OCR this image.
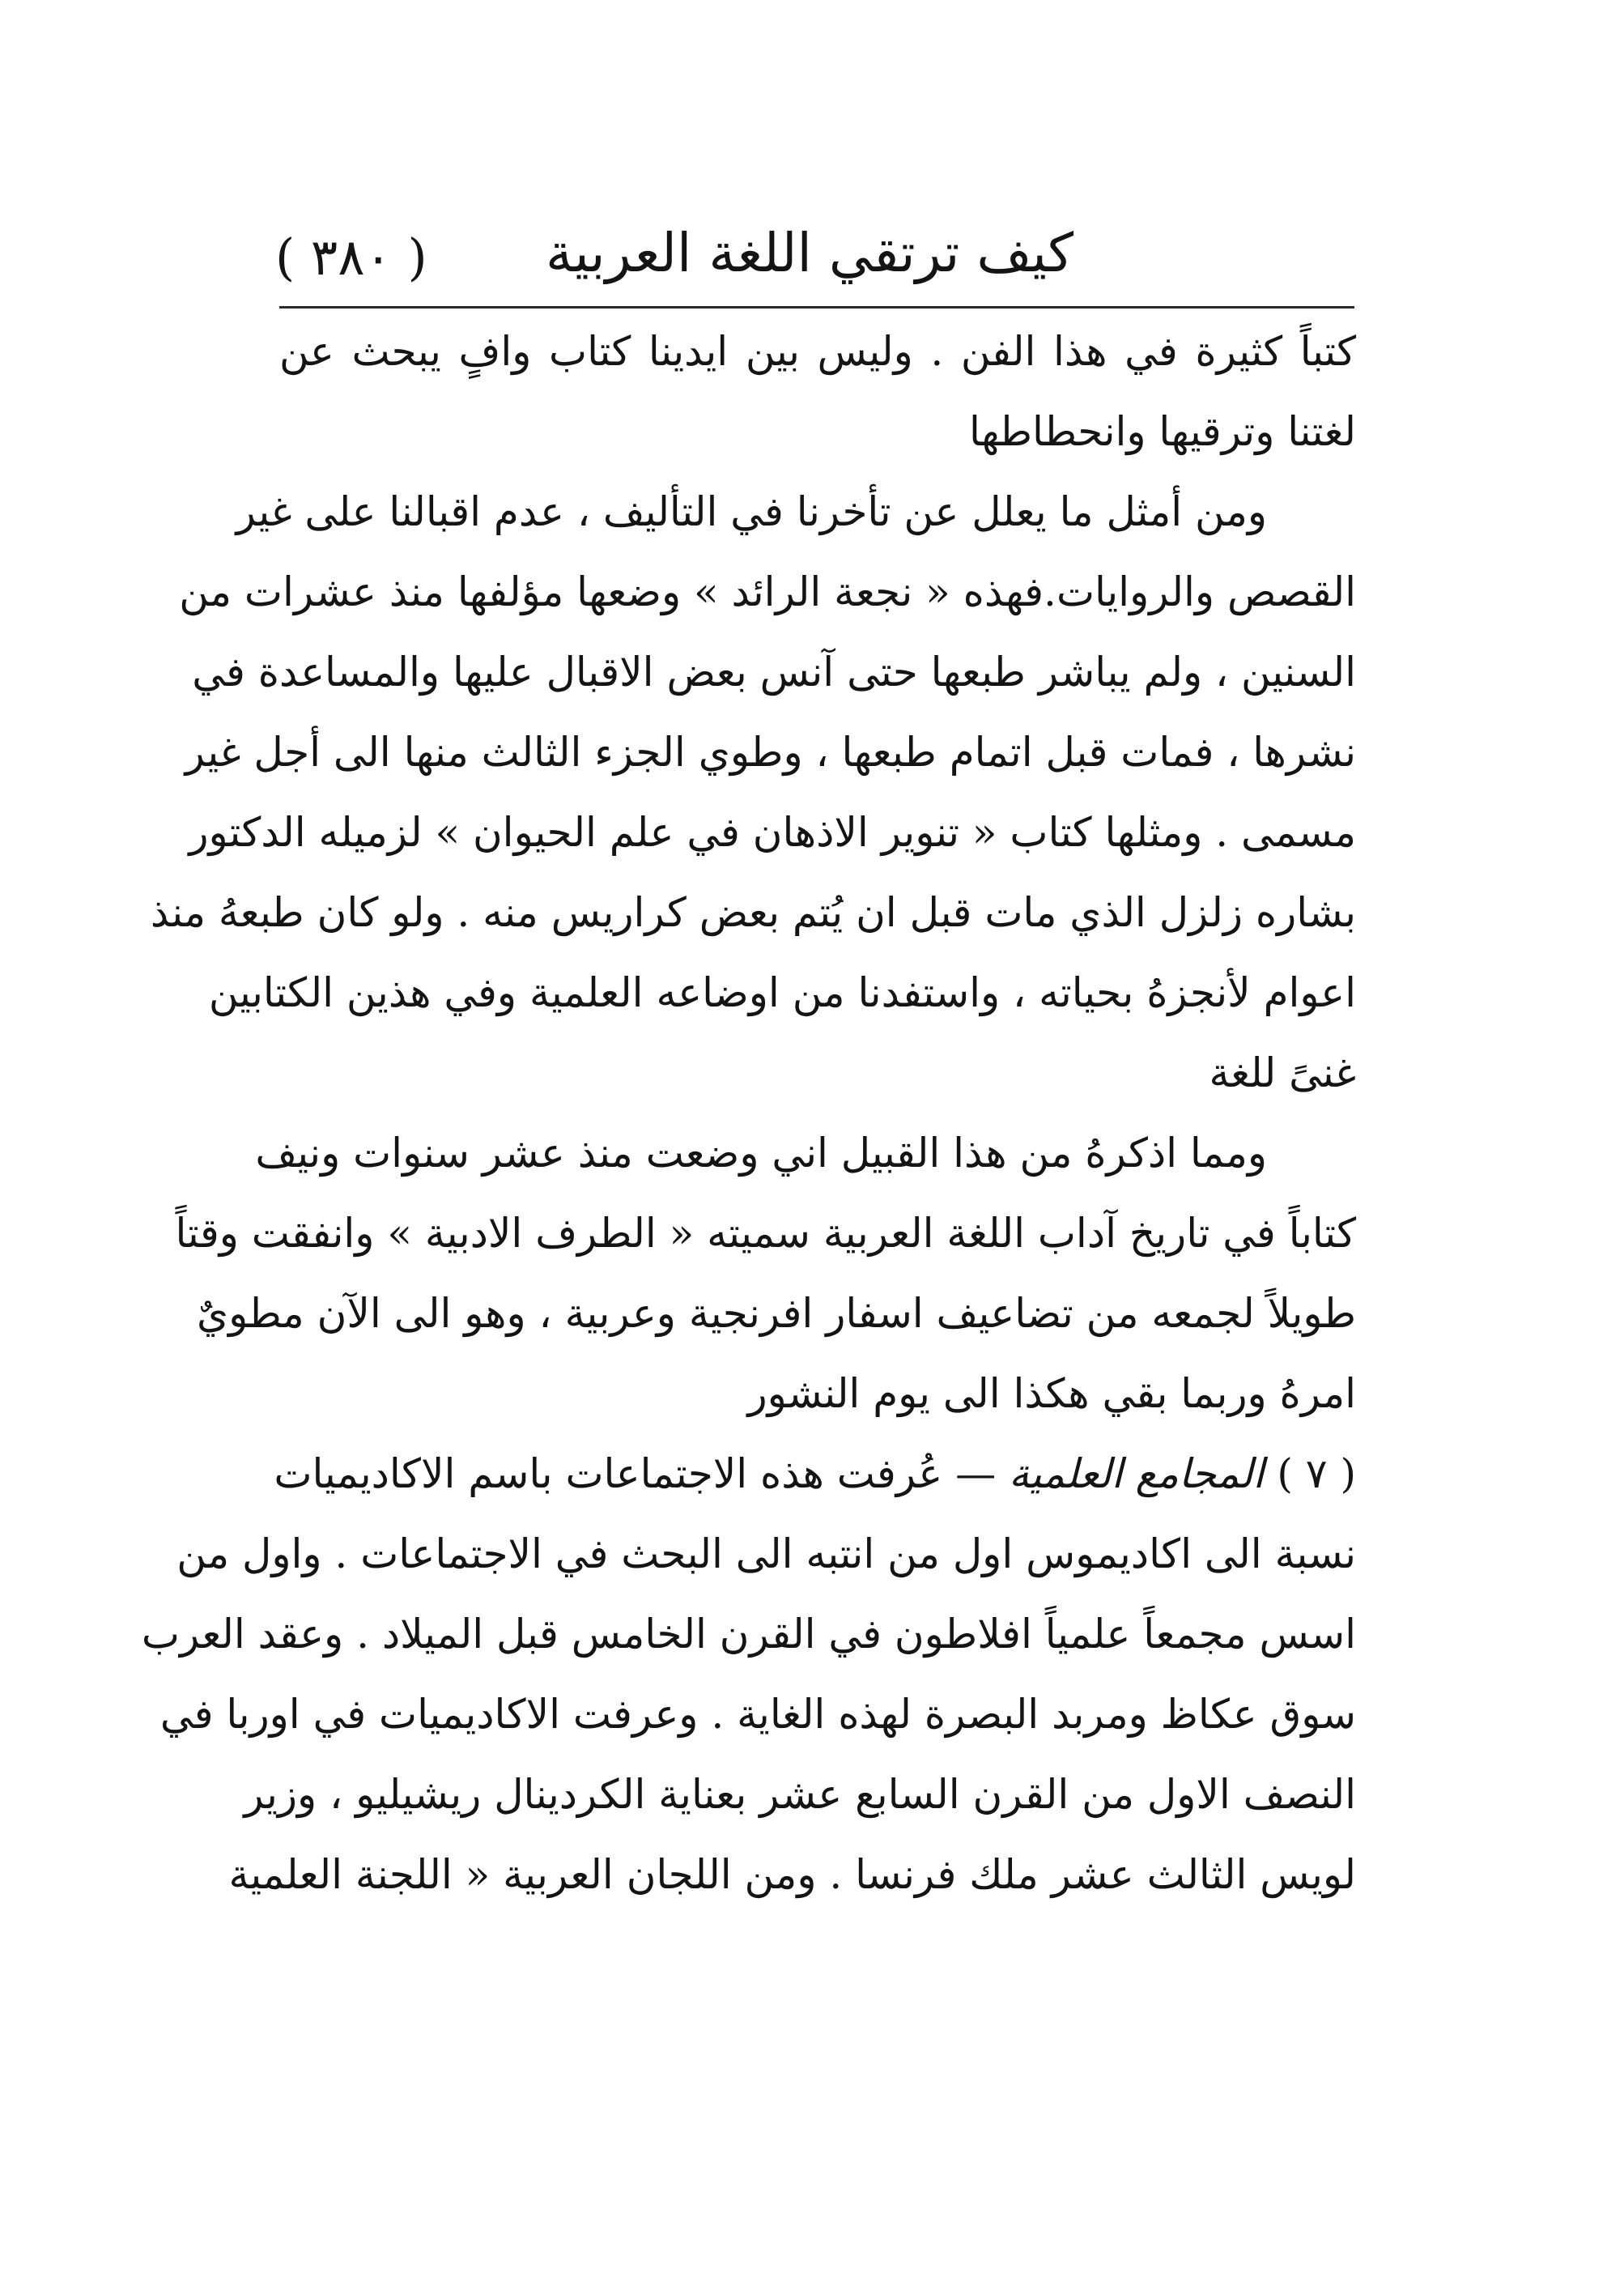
( ٣٨٠ )	كيف ترتقي اللغة العربية
كتباً كثيرة في هذا الفن . وليس بين ايدينا كتاب وافٍ يبحث عن
لغتنا وترقيها وانحطاطها
ومن أمثل ما يعلل عن تأخرنا في التأليف ، عدم اقبالنا على غير
القصص والروايات.فهذه « نجعة الرائد » وضعها مؤلفها منذ عشرات من
السنين ، ولم يباشر طبعها حتى آنس بعض الاقبال عليها والمساعدة في
نشرها ، فمات قبل اتمام طبعها ، وطوي الجزء الثالث منها الى أجل غير
مسمى . ومثلها كتاب « تنوير الاذهان في علم الحيوان » لزميله الدكتور
بشاره زلزل الذي مات قبل ان يُتم بعض كراريس منه . ولو كان طبعهُ منذ
اعوام لأنجزهُ بحياته ، واستفدنا من اوضاعه العلمية وفي هذين الكتابين
غنىً للغة
ومما اذكرهُ من هذا القبيل اني وضعت منذ عشر سنوات ونيف
كتاباً في تاريخ آداب اللغة العربية سميته « الطرف الادبية » وانفقت وقتاً
طويلاً لجمعه من تضاعيف اسفار افرنجية وعربية ، وهو الى الآن مطويٌ
امرهُ وربما بقي هكذا الى يوم النشور
( ٧ ) المجامع العلمية — عُرفت هذه الاجتماعات باسم الاكاديميات
نسبة الى اكاديموس اول من انتبه الى البحث في الاجتماعات . واول من
اسس مجمعاً علمياً افلاطون في القرن الخامس قبل الميلاد . وعقد العرب
سوق عكاظ ومربد البصرة لهذه الغاية . وعرفت الاكاديميات في اوربا في
النصف الاول من القرن السابع عشر بعناية الكردينال ريشيليو ، وزير
لويس الثالث عشر ملك فرنسا . ومن اللجان العربية « اللجنة العلمية
